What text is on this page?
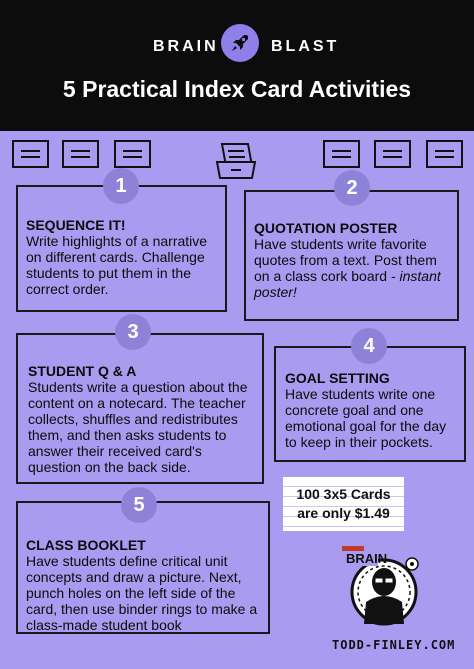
BRAIN	BLAST
5 Practical Index Card Activities
SEQUENCE IT!
Write highlights of a narrative on different cards. Challenge students to put them in the correct order.
1
QUOTATION POSTER
Have students write favorite quotes from a text. Post them on a class cork board - instant poster!
2
STUDENT Q & A
Students write a question about the content on a notecard. The teacher collects, shuffles and redistributes them, and then asks students to answer their received card's question on the back side.
3
GOAL SETTING
Have students write one concrete goal and one emotional goal for the day to keep in their pockets.
4
CLASS BOOKLET
Have students define critical unit concepts and draw a picture. Next, punch holes on the left side of the card, then use binder rings to make a class-made student book
5	100 3x5 Cards
are only $1.49
BRAIN
TODD-FINLEY.COM
